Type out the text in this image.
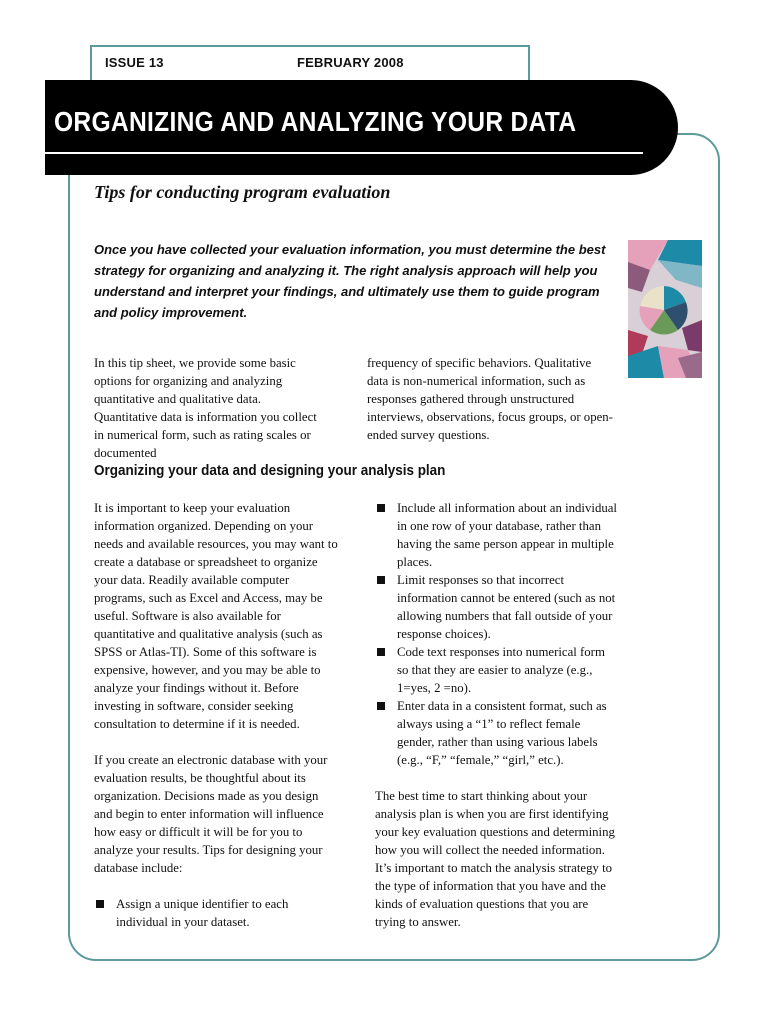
ISSUE 13	FEBRUARY 2008
ORGANIZING AND ANALYZING YOUR DATA
Tips for conducting program evaluation
Once you have collected your evaluation information, you must determine the best strategy for organizing and analyzing it. The right analysis approach will help you understand and interpret your findings, and ultimately use them to guide program and policy improvement.

In this tip sheet, we provide some basic options for organizing and analyzing quantitative and qualitative data. Quantitative data is information you collect in numerical form, such as rating scales or documented

frequency of specific behaviors. Qualitative data is non-numerical information, such as responses gathered through unstructured interviews, observations, focus groups, or open-ended survey questions.

Organizing your data and designing your analysis plan

It is important to keep your evaluation information organized. Depending on your needs and available resources, you may want to create a database or spreadsheet to organize your data. Readily available computer programs, such as Excel and Access, may be useful. Software is also available for quantitative and qualitative analysis (such as SPSS or Atlas-TI). Some of this software is expensive, however, and you may be able to analyze your findings without it. Before investing in software, consider seeking consultation to determine if it is needed.

If you create an electronic database with your evaluation results, be thoughtful about its organization. Decisions made as you design and begin to enter information will influence how easy or difficult it will be for you to analyze your results. Tips for designing your database include:

Assign a unique identifier to each individual in your dataset.
Include all information about an individual in one row of your database, rather than having the same person appear in multiple places.
Limit responses so that incorrect information cannot be entered (such as not allowing numbers that fall outside of your response choices).
Code text responses into numerical form so that they are easier to analyze (e.g., 1=yes, 2 =no).
Enter data in a consistent format, such as always using a “1” to reflect female gender, rather than using various labels (e.g., “F,” “female,” “girl,” etc.).

The best time to start thinking about your analysis plan is when you are first identifying your key evaluation questions and determining how you will collect the needed information. It’s important to match the analysis strategy to the type of information that you have and the kinds of evaluation questions that you are trying to answer.
